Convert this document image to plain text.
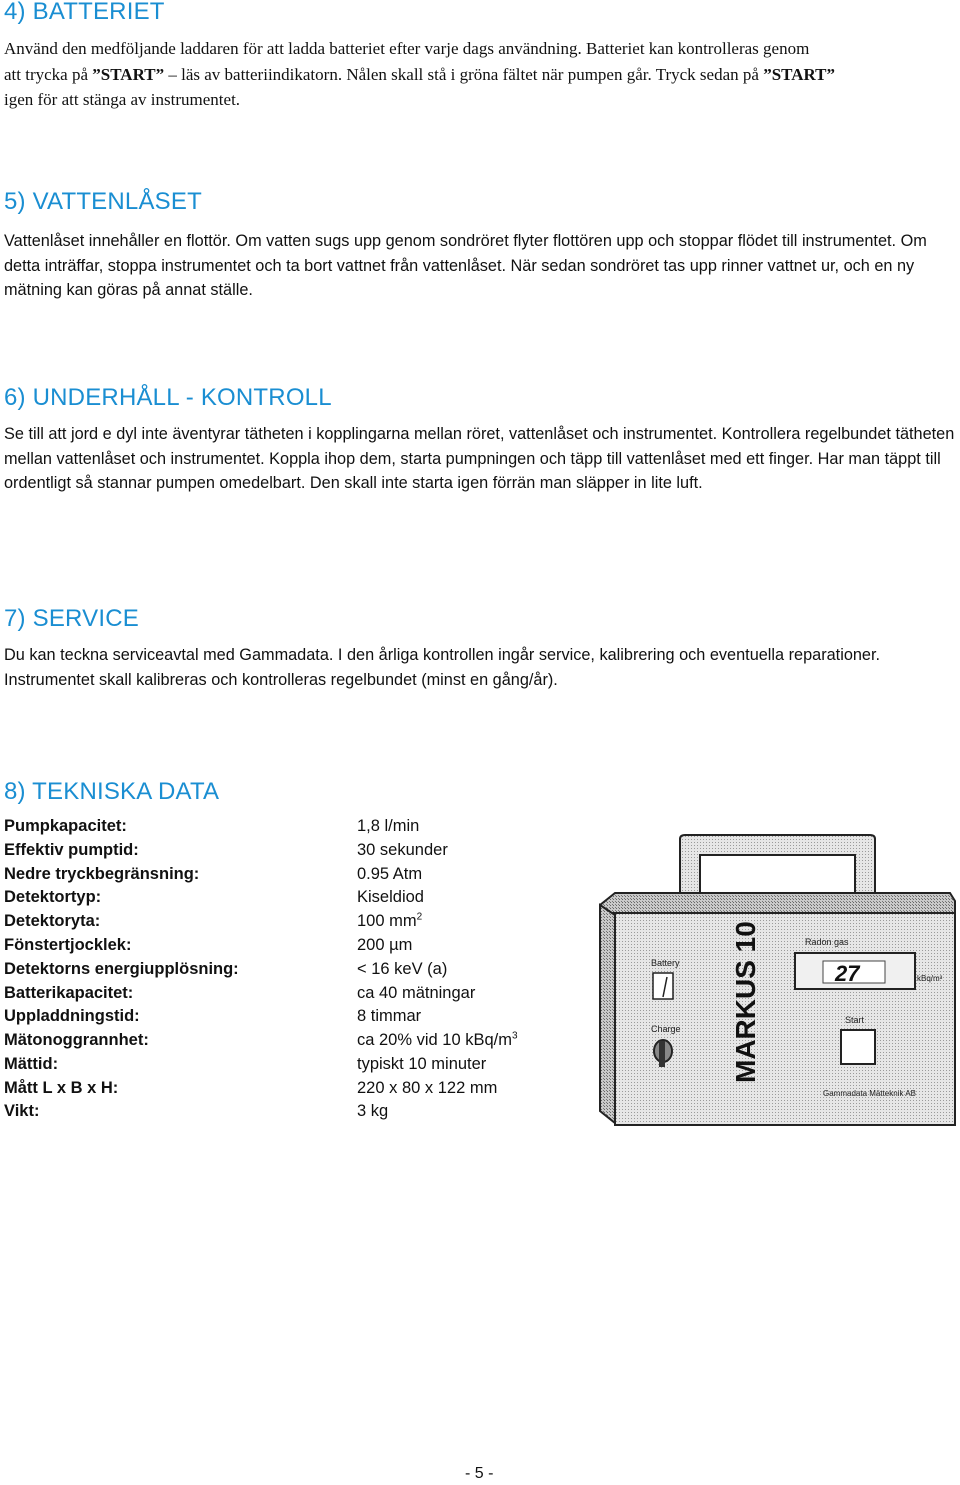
4) BATTERIET
Använd den medföljande laddaren för att ladda batteriet efter varje dags användning. Batteriet kan kontrolleras genom
att trycka på ”START” – läs av batteriindikatorn. Nålen skall stå i gröna fältet när pumpen går. Tryck sedan på ”START”
igen för att stänga av instrumentet.
5) VATTENLÅSET

Vattenlåset innehåller en flottör. Om vatten sugs upp genom sondröret flyter flottören upp och stoppar flödet till instrumentet. Om detta inträffar, stoppa instrumentet och ta bort vattnet från vattenlåset. När sedan sondröret tas upp rinner vattnet ur, och en ny mätning kan göras på annat ställe.

6) UNDERHÅLL - KONTROLL

Se till att jord e dyl inte äventyrar tätheten i kopplingarna mellan röret, vattenlåset och instrumentet. Kontrollera regelbundet tätheten mellan vattenlåset och instrumentet. Koppla ihop dem, starta pumpningen och täpp till vattenlåset med ett finger. Har man täppt till ordentligt så stannar pumpen omedelbart. Den skall inte starta igen förrän man släpper in lite luft.

7) SERVICE

Du kan teckna serviceavtal med Gammadata. I den årliga kontrollen ingår service, kalibrering och eventuella reparationer. Instrumentet skall kalibreras och kontrolleras regelbundet (minst en gång/år).

8) TEKNISKA DATA
Pumpkapacitet:	1,8 l/min
Effektiv pumptid:	30 sekunder
Nedre tryckbegränsning:	0.95 Atm
Detektortyp:	Kiseldiod
Detektoryta:	100 $mm^2$
Fönstertjocklek:	200 µm
Detektorns energiupplösning:	< 16 keV (a)
Batterikapacitet:	ca 40 mätningar
Uppladdningstid:	8 timmar
Mätonoggrannhet:	ca 20% vid 10 kBq/$m^3$
Mättid:	typiskt 10 minuter
Mått L x B x H:	220 x 80 x 122 mm
Vikt:	3 kg
Battery
Charge MARKUS 10	Radon gas
27	kBq/m³
Start
Gammadata Mätteknik AB
- 5 -
